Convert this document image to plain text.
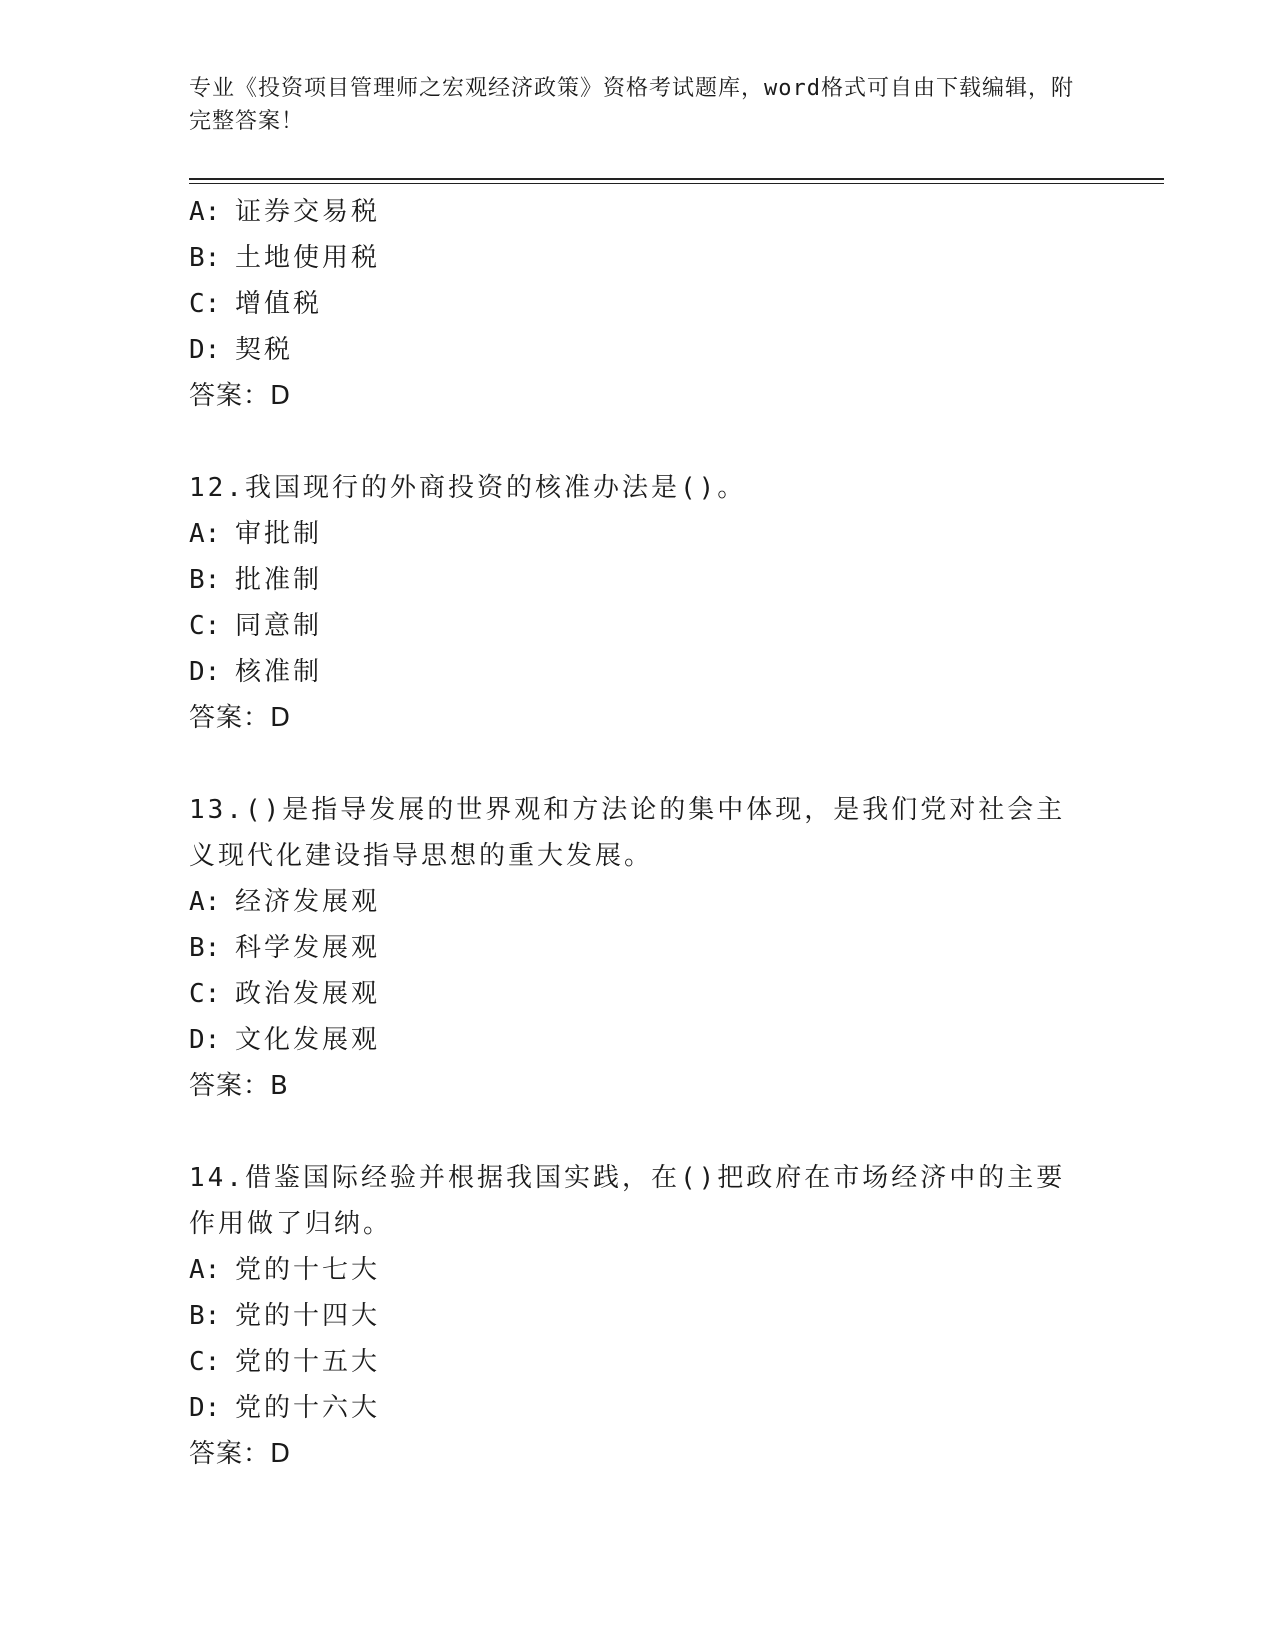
专业《投资项目管理师之宏观经济政策》资格考试题库，word格式可自由下载编辑，附完整答案！
A: 证券交易税
B: 土地使用税
C: 增值税
D: 契税
答案：D
12.我国现行的外商投资的核准办法是()。
A: 审批制
B: 批准制
C: 同意制
D: 核准制
答案：D
13.()是指导发展的世界观和方法论的集中体现，是我们党对社会主义现代化建设指导思想的重大发展。
A: 经济发展观
B: 科学发展观
C: 政治发展观
D: 文化发展观
答案：B
14.借鉴国际经验并根据我国实践，在()把政府在市场经济中的主要作用做了归纳。
A: 党的十七大
B: 党的十四大
C: 党的十五大
D: 党的十六大
答案：D
